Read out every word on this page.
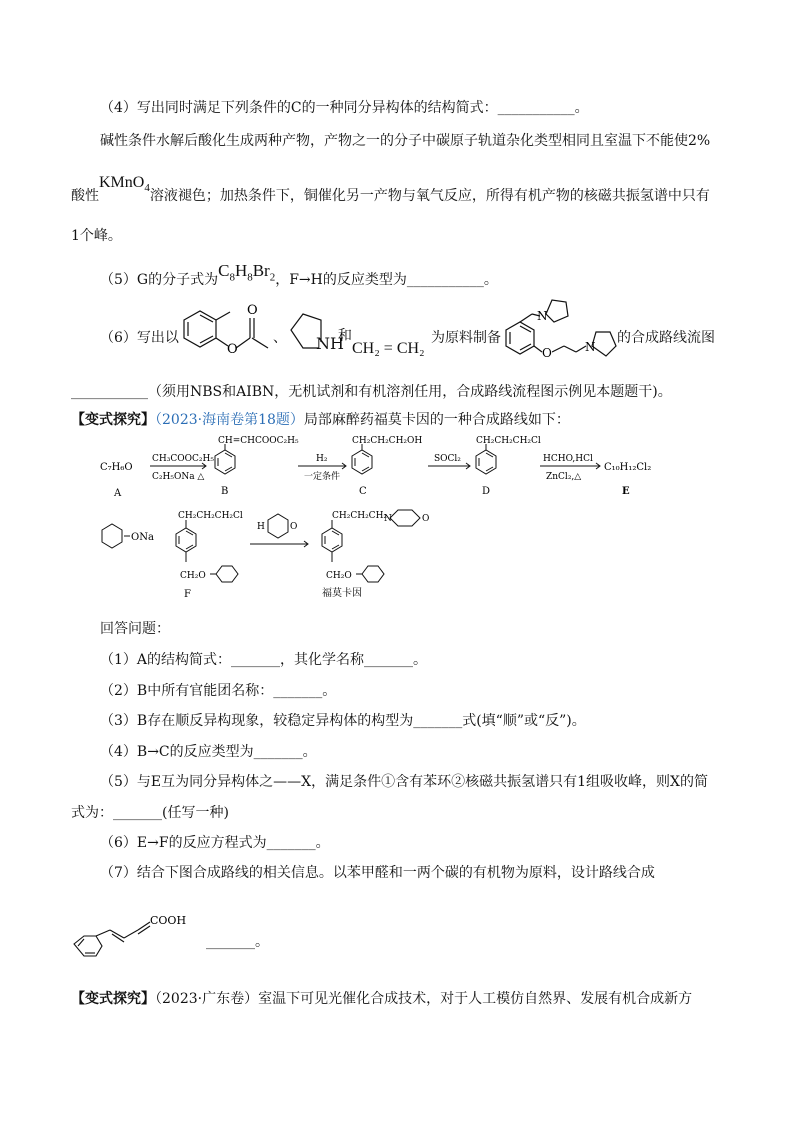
（4）写出同时满足下列条件的C的一种同分异构体的结构简式：___________。
碱性条件水解后酸化生成两种产物，产物之一的分子中碳原子轨道杂化类型相同且室温下不能使2%
酸性KMnO$_4$溶液褪色；加热条件下，铜催化另一产物与氧气反应，所得有机产物的核磁共振氢谱中只有
1个峰。
（5）G的分子式为$C_8H_8Br_2$，F→H的反应类型为___________。
（6）写出以
O
O
、 NH
和
CH₂ = CH₂
为原料制备
N
O	N
的合成路线流图
___________（须用NBS和AIBN，无机试剂和有机溶剂任用，合成路线流程图示例见本题题干)。
【变式探究】（2023·海南卷第18题）局部麻醉药福莫卡因的一种合成路线如下：
C₇H₆O
A
CH₃COOC₂H₅
C₂H₅ONa △
CH=CHCOOC₂H₅
B
H₂
一定条件
CH₂CH₂CH₂OH
C
SOCl₂
CH₂CH₂CH₂Cl
D
HCHO,HCl
ZnCl₂,△
C₁₀H₁₂Cl₂
E
ONa
CH₂CH₂CH₂Cl
CH₂O
F
H	O
CH₂CH₂CH₂
N	O
CH₂O
福莫卡因
回答问题：
（1）A的结构简式：_______，其化学名称_______。
（2）B中所有官能团名称：_______。
（3）B存在顺反异构现象，较稳定异构体的构型为_______式(填“顺”或“反”)。
（4）B→C的反应类型为_______。
（5）与E互为同分异构体之——X，满足条件①含有苯环②核磁共振氢谱只有1组吸收峰，则X的简
式为：_______(任写一种)
（6）E→F的反应方程式为_______。
（7）结合下图合成路线的相关信息。以苯甲醛和一两个碳的有机物为原料，设计路线合成
COOH
_______。
【变式探究】（2023·广东卷）室温下可见光催化合成技术，对于人工模仿自然界、发展有机合成新方
